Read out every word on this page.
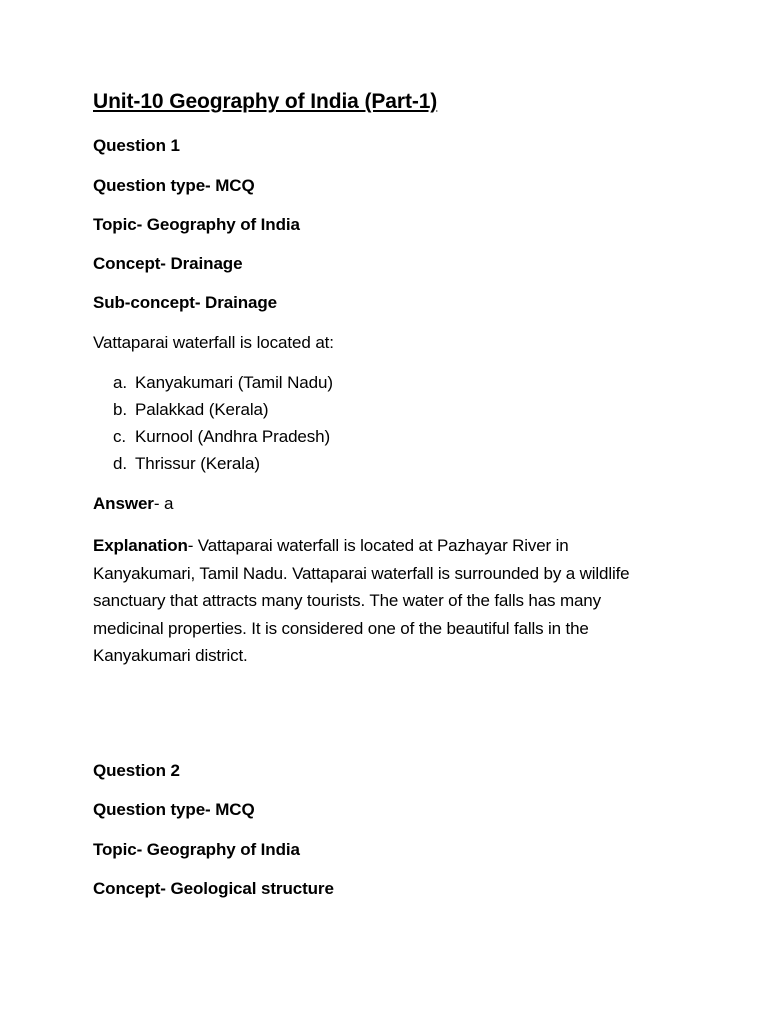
Unit-10 Geography of India (Part-1)
Question 1
Question type- MCQ
Topic- Geography of India
Concept- Drainage
Sub-concept- Drainage
Vattaparai waterfall is located at:
a. Kanyakumari (Tamil Nadu)
b. Palakkad (Kerala)
c. Kurnool (Andhra Pradesh)
d. Thrissur (Kerala)
Answer- a
Explanation- Vattaparai waterfall is located at Pazhayar River in Kanyakumari, Tamil Nadu. Vattaparai waterfall is surrounded by a wildlife sanctuary that attracts many tourists. The water of the falls has many medicinal properties. It is considered one of the beautiful falls in the Kanyakumari district.
Question 2
Question type- MCQ
Topic- Geography of India
Concept- Geological structure
